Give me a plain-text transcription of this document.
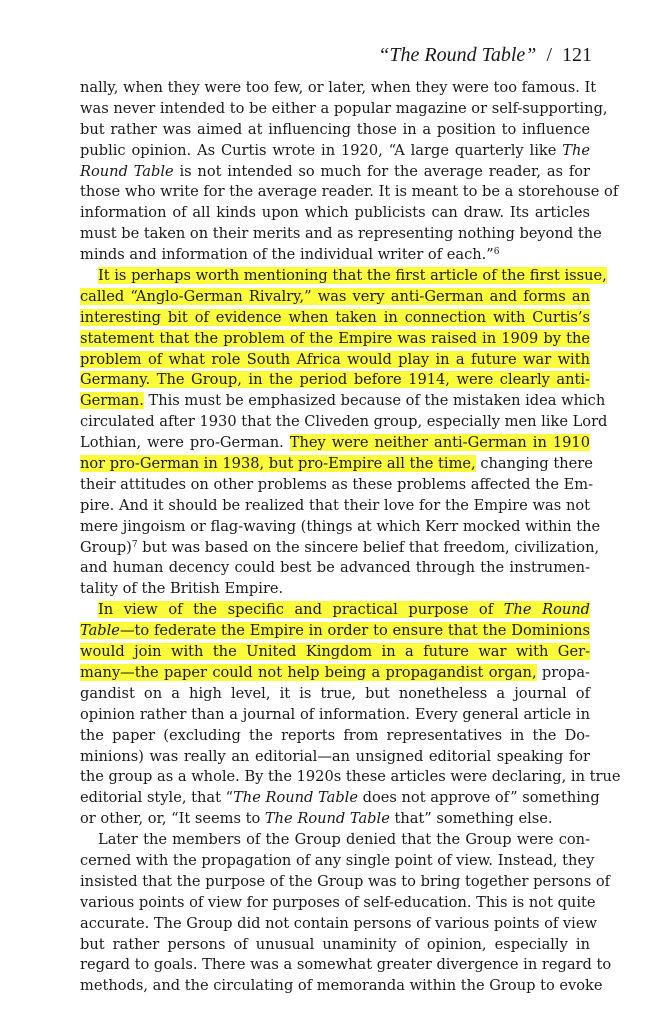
“The Round Table” / 121
nally, when they were too few, or later, when they were too famous. It
was never intended to be either a popular magazine or self-supporting,
but rather was aimed at influencing those in a position to influence
public opinion. As Curtis wrote in 1920, “A large quarterly like The
Round Table is not intended so much for the average reader, as for
those who write for the average reader. It is meant to be a storehouse of
information of all kinds upon which publicists can draw. Its articles
must be taken on their merits and as representing nothing beyond the
minds and information of the individual writer of each.”$^6$
It is perhaps worth mentioning that the first article of the first issue,
called “Anglo-German Rivalry,” was very anti-German and forms an
interesting bit of evidence when taken in connection with Curtis’s
statement that the problem of the Empire was raised in 1909 by the
problem of what role South Africa would play in a future war with
Germany. The Group, in the period before 1914, were clearly anti-
German. This must be emphasized because of the mistaken idea which
circulated after 1930 that the Cliveden group, especially men like Lord
Lothian, were pro-German. They were neither anti-German in 1910
nor pro-German in 1938, but pro-Empire all the time, changing there
their attitudes on other problems as these problems affected the Em-
pire. And it should be realized that their love for the Empire was not
mere jingoism or flag-waving (things at which Kerr mocked within the
Group)$^7$ but was based on the sincere belief that freedom, civilization,
and human decency could best be advanced through the instrumen-
tality of the British Empire.
In view of the specific and practical purpose of The Round
Table—to federate the Empire in order to ensure that the Dominions
would join with the United Kingdom in a future war with Ger-
many—the paper could not help being a propagandist organ, propa-
gandist on a high level, it is true, but nonetheless a journal of
opinion rather than a journal of information. Every general article in
the paper (excluding the reports from representatives in the Do-
minions) was really an editorial—an unsigned editorial speaking for
the group as a whole. By the 1920s these articles were declaring, in true
editorial style, that “The Round Table does not approve of” something
or other, or, “It seems to The Round Table that” something else.
Later the members of the Group denied that the Group were con-
cerned with the propagation of any single point of view. Instead, they
insisted that the purpose of the Group was to bring together persons of
various points of view for purposes of self-education. This is not quite
accurate. The Group did not contain persons of various points of view
but rather persons of unusual unaminity of opinion, especially in
regard to goals. There was a somewhat greater divergence in regard to
methods, and the circulating of memoranda within the Group to evoke
